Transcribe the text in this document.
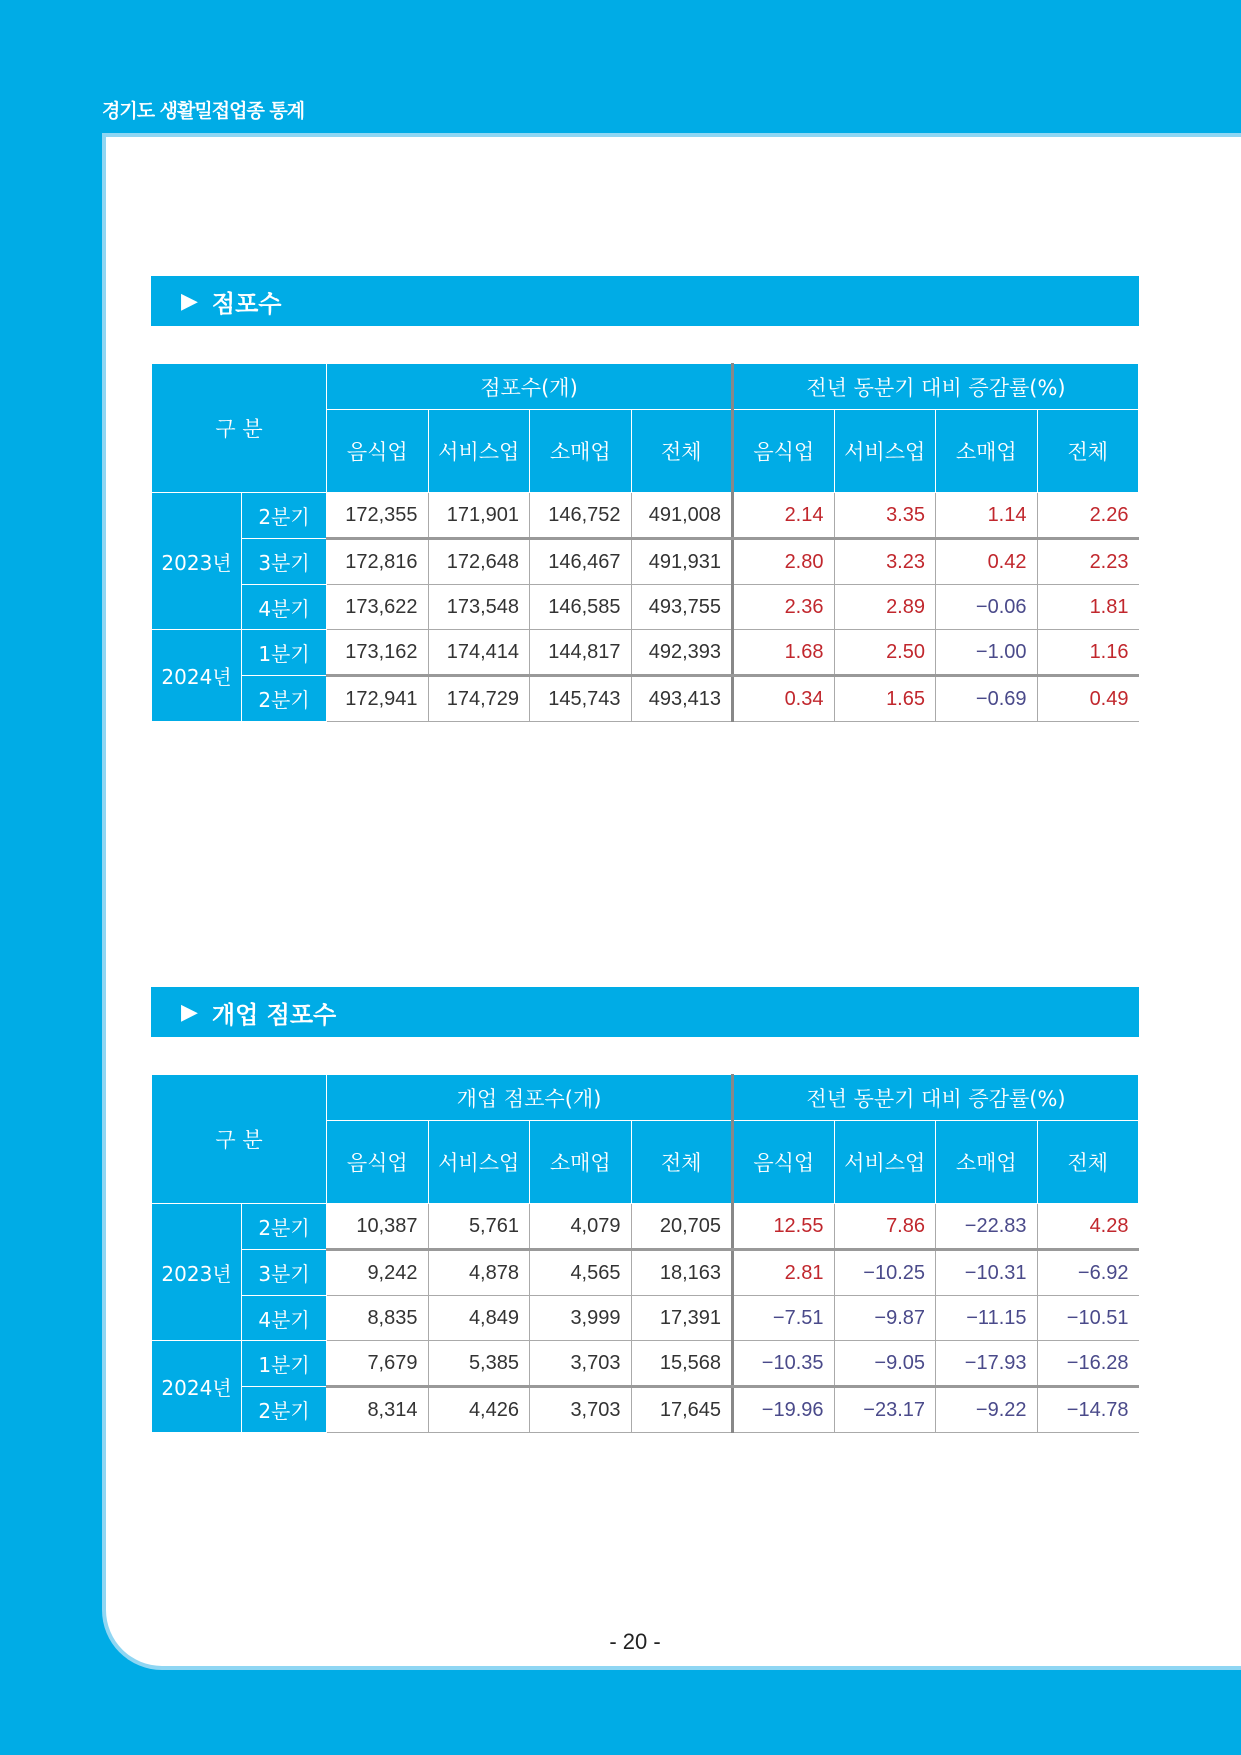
경기도 생활밀접업종 통계
▶ 점포수
구 분		점포수(개)				전년 동분기 대비 증감률(%)			
		음식업	서비스업	소매업	전체	음식업	서비스업	소매업	전체
2023년	2분기	172,355	171,901	146,752	491,008	2.14	3.35	1.14	2.26
	3분기	172,816	172,648	146,467	491,931	2.80	3.23	0.42	2.23
	4분기	173,622	173,548	146,585	493,755	2.36	2.89	−0.06	1.81
2024년	1분기	173,162	174,414	144,817	492,393	1.68	2.50	−1.00	1.16
	2분기	172,941	174,729	145,743	493,413	0.34	1.65	−0.69	0.49
▶ 개업 점포수
구 분		개업 점포수(개)				전년 동분기 대비 증감률(%)			
		음식업	서비스업	소매업	전체	음식업	서비스업	소매업	전체
2023년	2분기	10,387	5,761	4,079	20,705	12.55	7.86	−22.83	4.28
	3분기	9,242	4,878	4,565	18,163	2.81	−10.25	−10.31	−6.92
	4분기	8,835	4,849	3,999	17,391	−7.51	−9.87	−11.15	−10.51
2024년	1분기	7,679	5,385	3,703	15,568	−10.35	−9.05	−17.93	−16.28
	2분기	8,314	4,426	3,703	17,645	−19.96	−23.17	−9.22	−14.78
- 20 -
